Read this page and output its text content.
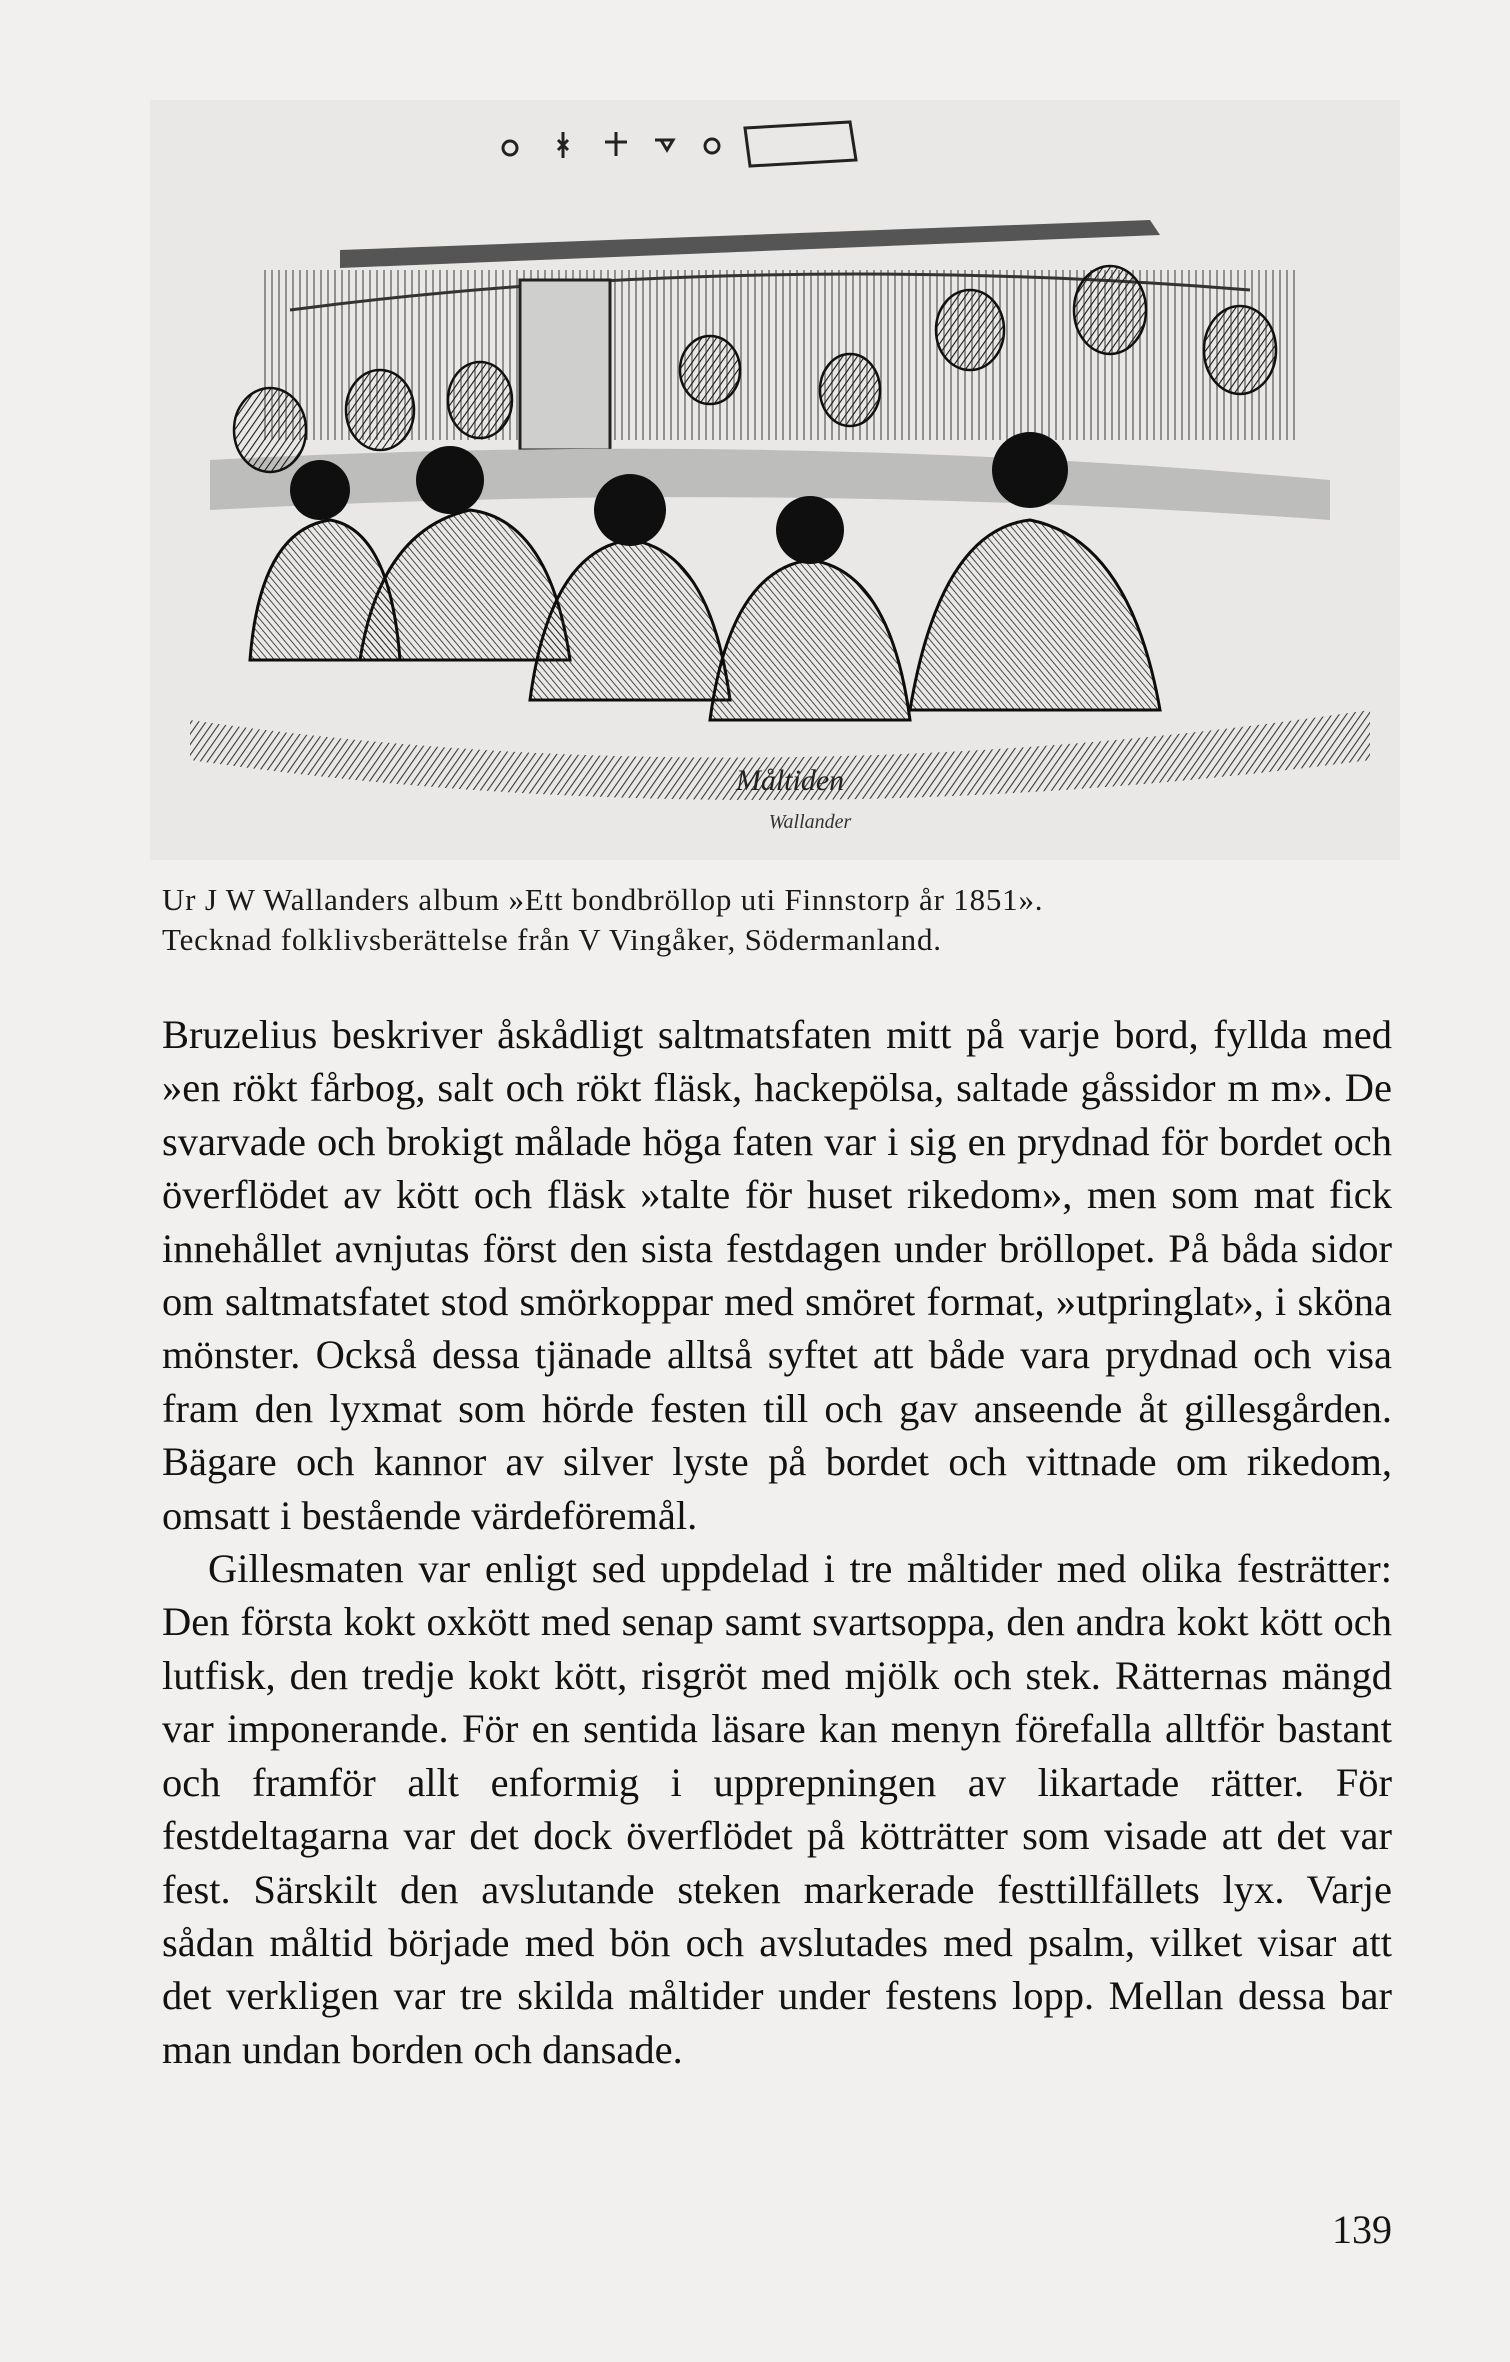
Måltiden
Wallander
Ur J W Wallanders album »Ett bondbröllop uti Finnstorp år 1851».
Tecknad folklivsberättelse från V Vingåker, Södermanland.

Bruzelius beskriver åskådligt saltmatsfaten mitt på varje bord, fyllda med »en rökt fårbog, salt och rökt fläsk, hackepölsa, saltade gåssidor m m». De svarvade och brokigt målade höga faten var i sig en prydnad för bordet och överflödet av kött och fläsk »talte för huset rikedom», men som mat fick innehållet avnjutas först den sista festdagen under bröllopet. På båda sidor om saltmatsfatet stod smörkoppar med smöret format, »utpringlat», i sköna mönster. Också dessa tjänade alltså syftet att både vara prydnad och visa fram den lyxmat som hörde festen till och gav anseende åt gillesgården. Bägare och kannor av silver lyste på bordet och vittnade om rikedom, omsatt i bestående värdeföremål.

Gillesmaten var enligt sed uppdelad i tre måltider med olika festrätter: Den första kokt oxkött med senap samt svartsoppa, den andra kokt kött och lutfisk, den tredje kokt kött, risgröt med mjölk och stek. Rätternas mängd var imponerande. För en sentida läsare kan menyn förefalla alltför bastant och framför allt enformig i upprepningen av likartade rätter. För festdeltagarna var det dock överflödet på kötträtter som visade att det var fest. Särskilt den avslutande steken markerade festtillfällets lyx. Varje sådan måltid började med bön och avslutades med psalm, vilket visar att det verkligen var tre skilda måltider under festens lopp. Mellan dessa bar man undan borden och dansade.

139
